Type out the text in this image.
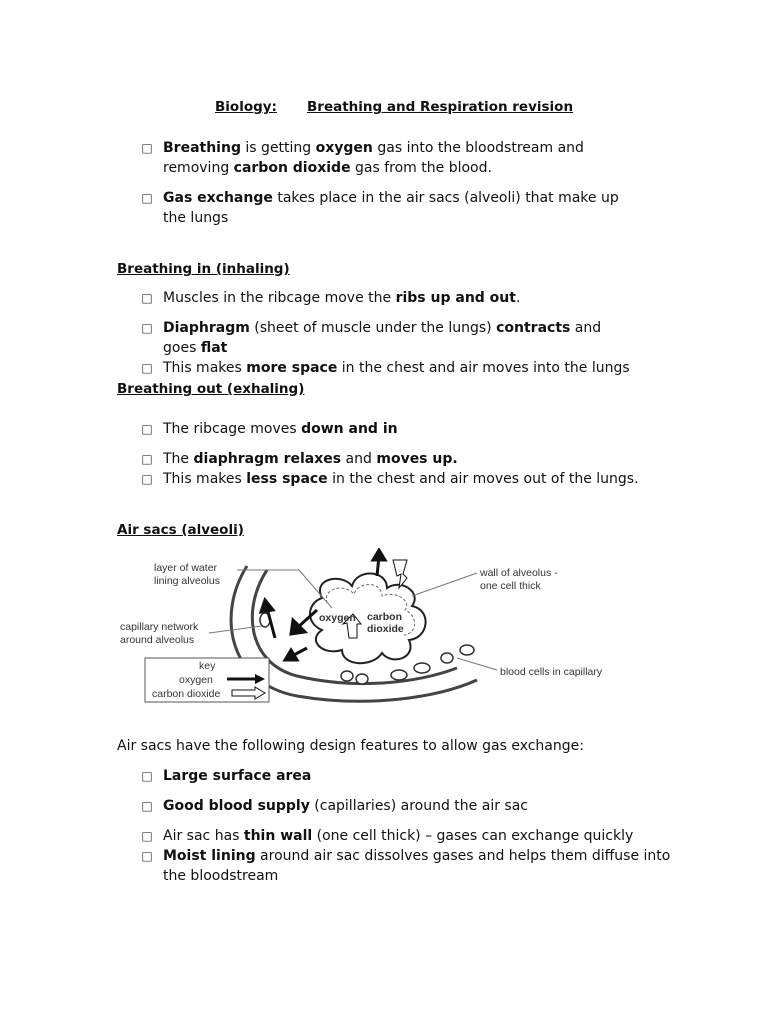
Biology: Breathing and Respiration revision
□ Breathing is getting oxygen gas into the bloodstream and
removing carbon dioxide gas from the blood.
□ Gas exchange takes place in the air sacs (alveoli) that make up
the lungs
Breathing in (inhaling)
□ Muscles in the ribcage move the ribs up and out.
□ Diaphragm (sheet of muscle under the lungs) contracts and
goes flat
□ This makes more space in the chest and air moves into the lungs
Breathing out (exhaling)
□ The ribcage moves down and in
□ The diaphragm relaxes and moves up.
□ This makes less space in the chest and air moves out of the lungs.
Air sacs (alveoli)
layer of water
lining alveolus
capillary network
around alveolus
wall of alveolus -
one cell thick
blood cells in capillary
oxygen carbon
dioxide
key
oxygen
carbon dioxide
Air sacs have the following design features to allow gas exchange:
□ Large surface area
□ Good blood supply (capillaries) around the air sac
□ Air sac has thin wall (one cell thick) – gases can exchange quickly
□ Moist lining around air sac dissolves gases and helps them diffuse into
the bloodstream
